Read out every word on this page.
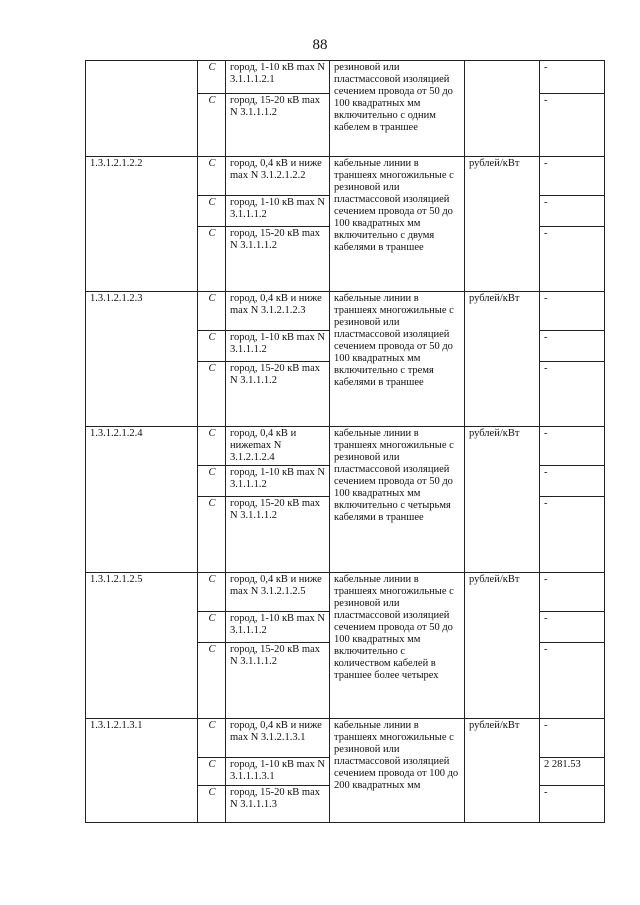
88
	С	город, 1-10 кВ max N 3.1.1.1.2.1	резиновой или пластмассовой изоляцией сечением провода от 50 до 100 квадратных мм включительно с одним кабелем в траншее		-
	С	город, 15-20 кВ max N 3.1.1.1.2			-
1.3.1.2.1.2.2	С	город, 0,4 кВ и ниже max N 3.1.2.1.2.2	кабельные линии в траншеях многожильные с резиновой или пластмассовой изоляцией сечением провода от 50 до 100 квадратных мм включительно с двумя кабелями в траншее	рублей/кВт	-
	С	город, 1-10 кВ max N 3.1.1.1.2			-
	С	город, 15-20 кВ max N 3.1.1.1.2			-
1.3.1.2.1.2.3	С	город, 0,4 кВ и ниже max N 3.1.2.1.2.3	кабельные линии в траншеях многожильные с резиновой или пластмассовой изоляцией сечением провода от 50 до 100 квадратных мм включительно с тремя кабелями в траншее	рублей/кВт	-
	С	город, 1-10 кВ max N 3.1.1.1.2			-
	С	город, 15-20 кВ max N 3.1.1.1.2			-
1.3.1.2.1.2.4	С	город, 0,4 кВ и нижеmax N 3.1.2.1.2.4	кабельные линии в траншеях многожильные с резиновой или пластмассовой изоляцией сечением провода от 50 до 100 квадратных мм включительно с четырьмя кабелями в траншее	рублей/кВт	-
	С	город, 1-10 кВ max N 3.1.1.1.2			-
	С	город, 15-20 кВ max N 3.1.1.1.2			-
1.3.1.2.1.2.5	С	город, 0,4 кВ и ниже max N 3.1.2.1.2.5	кабельные линии в траншеях многожильные с резиновой или пластмассовой изоляцией сечением провода от 50 до 100 квадратных мм включительно с количеством кабелей в траншее более четырех	рублей/кВт	-
	С	город, 1-10 кВ max N 3.1.1.1.2			-
	С	город, 15-20 кВ max N 3.1.1.1.2			-
1.3.1.2.1.3.1	С	город, 0,4 кВ и ниже max N 3.1.2.1.3.1	кабельные линии в траншеях многожильные с резиновой или пластмассовой изоляцией сечением провода от 100 до 200 квадратных мм	рублей/кВт	-
	С	город, 1-10 кВ max N 3.1.1.1.3.1			2 281.53
	С	город, 15-20 кВ max N 3.1.1.1.3			-
